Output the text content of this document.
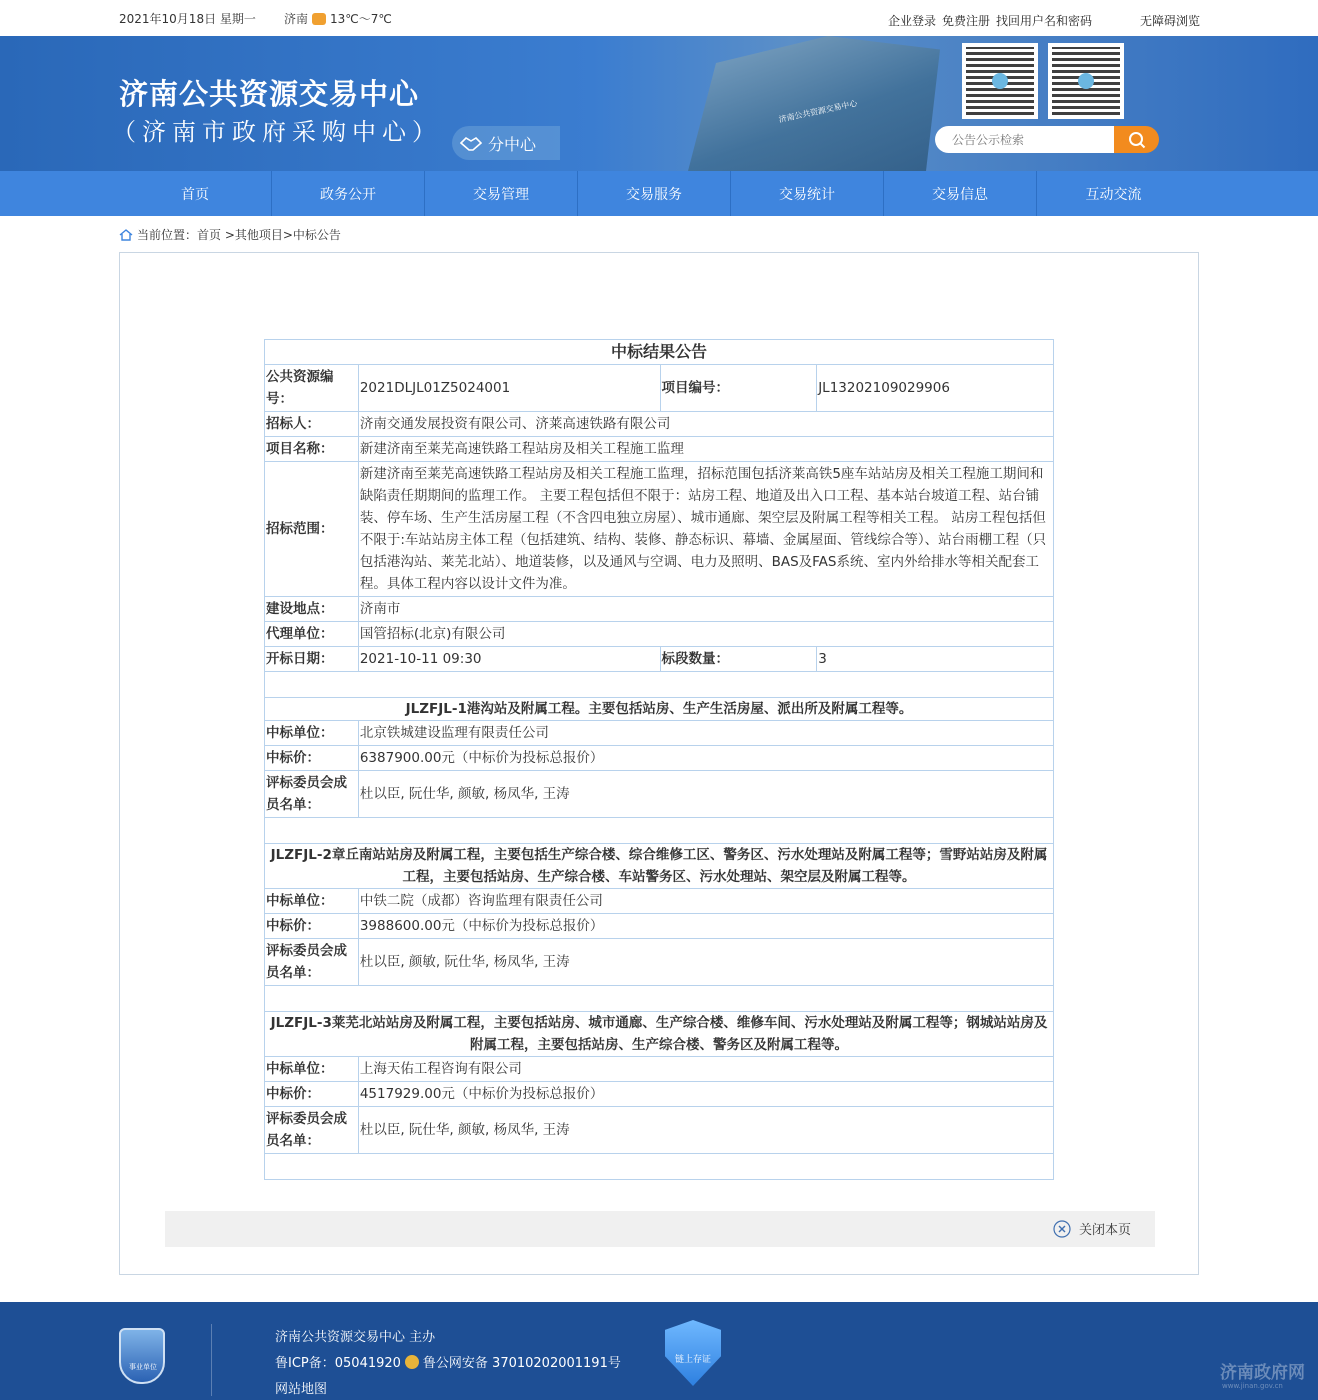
2021年10月18日 星期一 济南 13℃～7℃	企业登录 免费注册 找回用户名和密码	无障碍浏览
济南公共资源交易中心
济南公共资源交易中心
（济南市政府采购中心）	分中心
公告公示检索
首页	政务公开	交易管理	交易服务	交易统计	交易信息	互动交流
当前位置：首页 >其他项目>中标公告
中标结果公告			
公共资源编号：	2021DLJL01Z5024001	项目编号：	JL13202109029906
招标人：	济南交通发展投资有限公司、济莱高速铁路有限公司		
项目名称：	新建济南至莱芜高速铁路工程站房及相关工程施工监理		
招标范围：	新建济南至莱芜高速铁路工程站房及相关工程施工监理，招标范围包括济莱高铁5座车站站房及相关工程施工期间和缺陷责任期期间的监理工作。 主要工程包括但不限于：站房工程、地道及出入口工程、基本站台坡道工程、站台铺装、停车场、生产生活房屋工程（不含四电独立房屋）、城市通廊、架空层及附属工程等相关工程。 站房工程包括但不限于:车站站房主体工程（包括建筑、结构、装修、静态标识、幕墙、金属屋面、管线综合等）、站台雨棚工程（只包括港沟站、莱芜北站）、地道装修，以及通风与空调、电力及照明、BAS及FAS系统、室内外给排水等相关配套工程。具体工程内容以设计文件为准。		
建设地点：	济南市		
代理单位：	国管招标(北京)有限公司		
开标日期：	2021-10-11 09:30	标段数量：	3

JLZFJL-1港沟站及附属工程。主要包括站房、生产生活房屋、派出所及附属工程等。			
中标单位：	北京铁城建设监理有限责任公司		
中标价：	6387900.00元（中标价为投标总报价）		
评标委员会成员名单：	杜以臣, 阮仕华, 颜敏, 杨凤华, 王涛		

JLZFJL-2章丘南站站房及附属工程，主要包括生产综合楼、综合维修工区、警务区、污水处理站及附属工程等；雪野站站房及附属工程，主要包括站房、生产综合楼、车站警务区、污水处理站、架空层及附属工程等。			
中标单位：	中铁二院（成都）咨询监理有限责任公司		
中标价：	3988600.00元（中标价为投标总报价）		
评标委员会成员名单：	杜以臣, 颜敏, 阮仕华, 杨凤华, 王涛		

JLZFJL-3莱芜北站站房及附属工程，主要包括站房、城市通廊、生产综合楼、维修车间、污水处理站及附属工程等；钢城站站房及附属工程，主要包括站房、生产综合楼、警务区及附属工程等。			
中标单位：	上海天佑工程咨询有限公司		
中标价：	4517929.00元（中标价为投标总报价）		
评标委员会成员名单：	杜以臣, 阮仕华, 颜敏, 杨凤华, 王涛		

关闭本页
事业单位
济南公共资源交易中心 主办
鲁ICP备：05041920 鲁公网安备 37010202001191号
网站地图
链上存证
济南政府网
www.jinan.gov.cn
